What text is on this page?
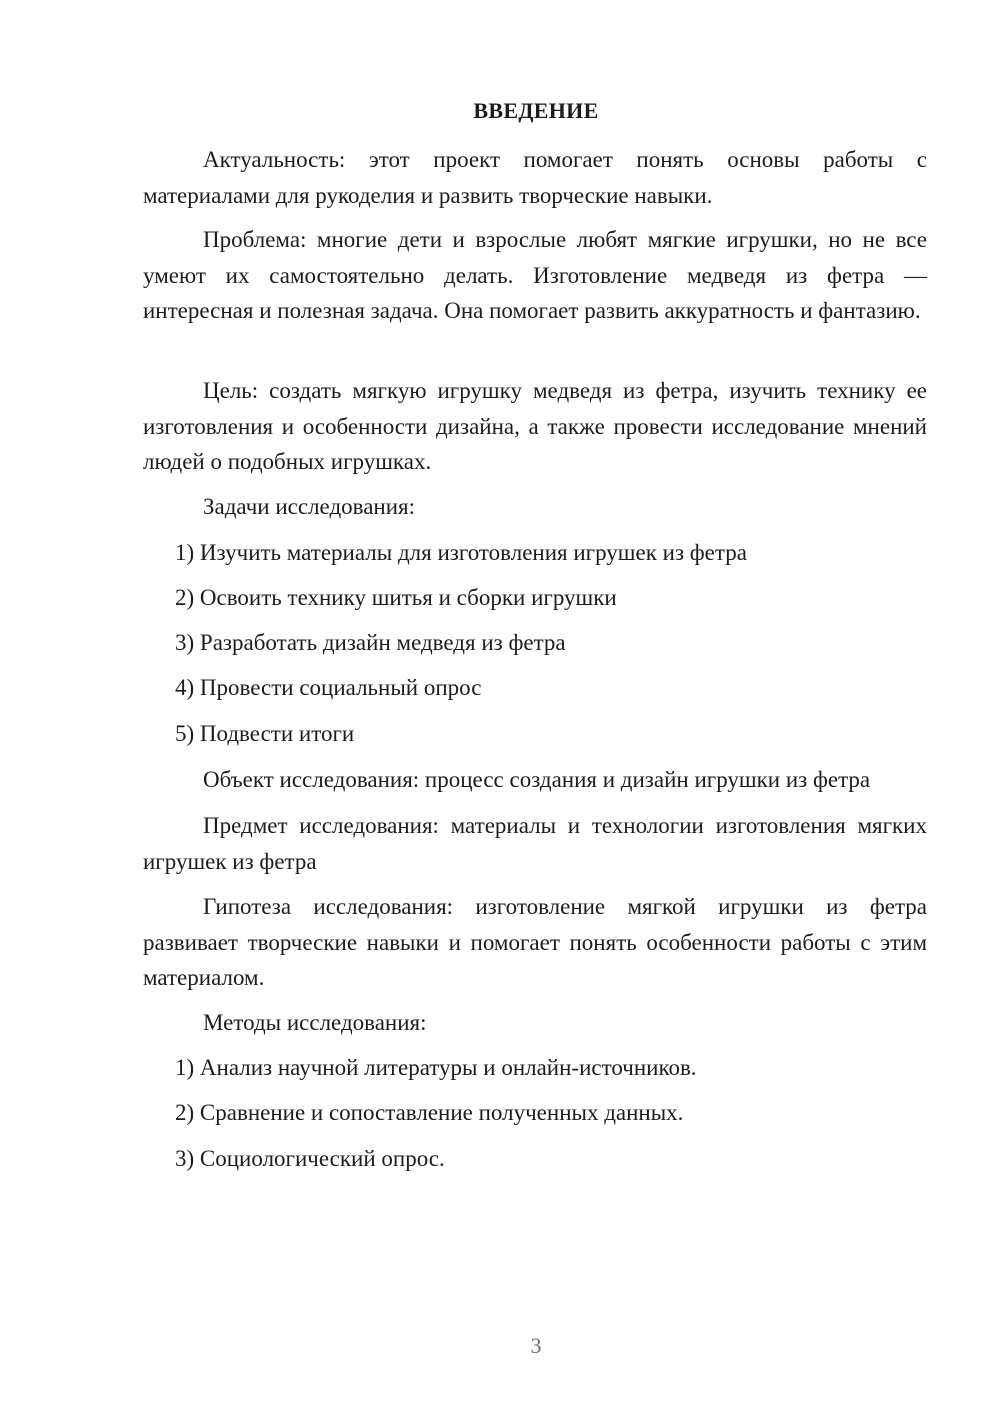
ВВЕДЕНИЕ

Актуальность: этот проект помогает понять основы работы с материалами для рукоделия и развить творческие навыки.

Проблема: многие дети и взрослые любят мягкие игрушки, но не все умеют их самостоятельно делать. Изготовление медведя из фетра — интересная и полезная задача. Она помогает развить аккуратность и фантазию.

Цель: создать мягкую игрушку медведя из фетра, изучить технику ее изготовления и особенности дизайна, а также провести исследование мнений людей о подобных игрушках.

Задачи исследования:

1) Изучить материалы для изготовления игрушек из фетра

2) Освоить технику шитья и сборки игрушки

3) Разработать дизайн медведя из фетра

4) Провести социальный опрос

5) Подвести итоги

Объект исследования: процесс создания и дизайн игрушки из фетра

Предмет исследования: материалы и технологии изготовления мягких игрушек из фетра

Гипотеза исследования: изготовление мягкой игрушки из фетра развивает творческие навыки и помогает понять особенности работы с этим материалом.

Методы исследования:

1) Анализ научной литературы и онлайн-источников.

2) Сравнение и сопоставление полученных данных.

3) Социологический опрос.

3
